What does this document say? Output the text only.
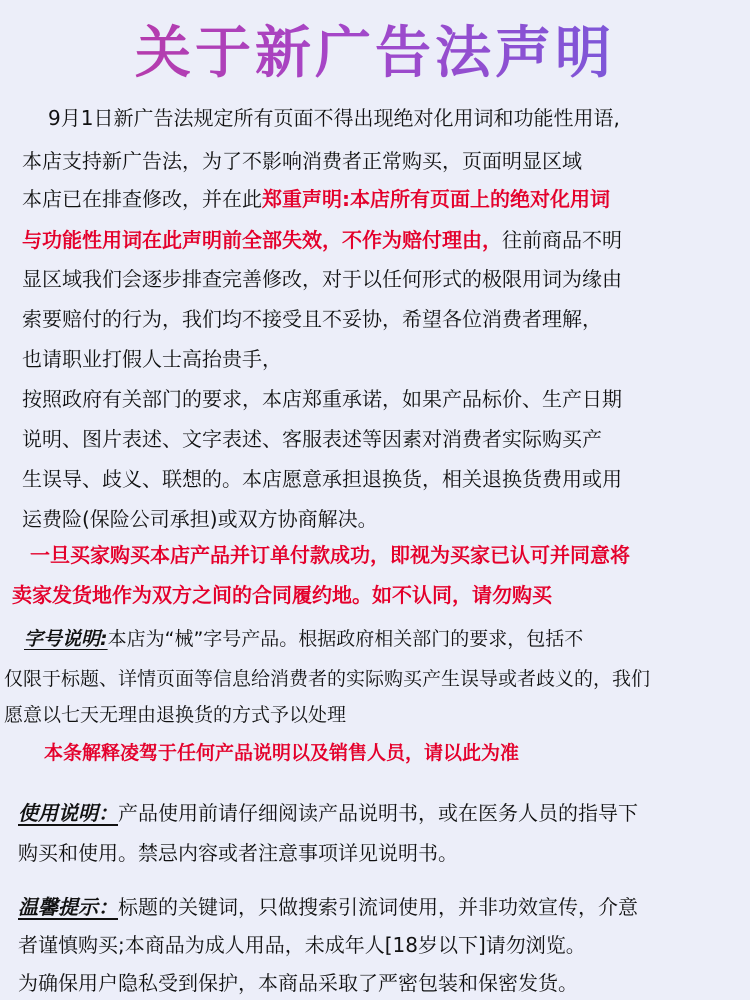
关于新广告法声明
9月1日新广告法规定所有页面不得出现绝对化用词和功能性用语,
本店支持新广告法，为了不影响消费者正常购买，页面明显区域
本店已在排查修改，并在此郑重声明:本店所有页面上的绝对化用词
与功能性用词在此声明前全部失效，不作为赔付理由，往前商品不明
显区域我们会逐步排查完善修改，对于以任何形式的极限用词为缘由
索要赔付的行为，我们均不接受且不妥协，希望各位消费者理解，
也请职业打假人士高抬贵手，
按照政府有关部门的要求，本店郑重承诺，如果产品标价、生产日期
说明、图片表述、文字表述、客服表述等因素对消费者实际购买产
生误导、歧义、联想的。本店愿意承担退换货，相关退换货费用或用
运费险(保险公司承担)或双方协商解决。
一旦买家购买本店产品并订单付款成功，即视为买家已认可并同意将
卖家发货地作为双方之间的合同履约地。如不认同，请勿购买
字号说明:本店为“械”字号产品。根据政府相关部门的要求，包括不
仅限于标题、详情页面等信息给消费者的实际购买产生误导或者歧义的，我们
愿意以七天无理由退换货的方式予以处理
本条解释凌驾于任何产品说明以及销售人员，请以此为准
使用说明：产品使用前请仔细阅读产品说明书，或在医务人员的指导下
购买和使用。禁忌内容或者注意事项详见说明书。
温馨提示：标题的关键词，只做搜索引流词使用，并非功效宣传，介意
者谨慎购买;本商品为成人用品，未成年人[18岁以下]请勿浏览。
为确保用户隐私受到保护，本商品采取了严密包装和保密发货。
